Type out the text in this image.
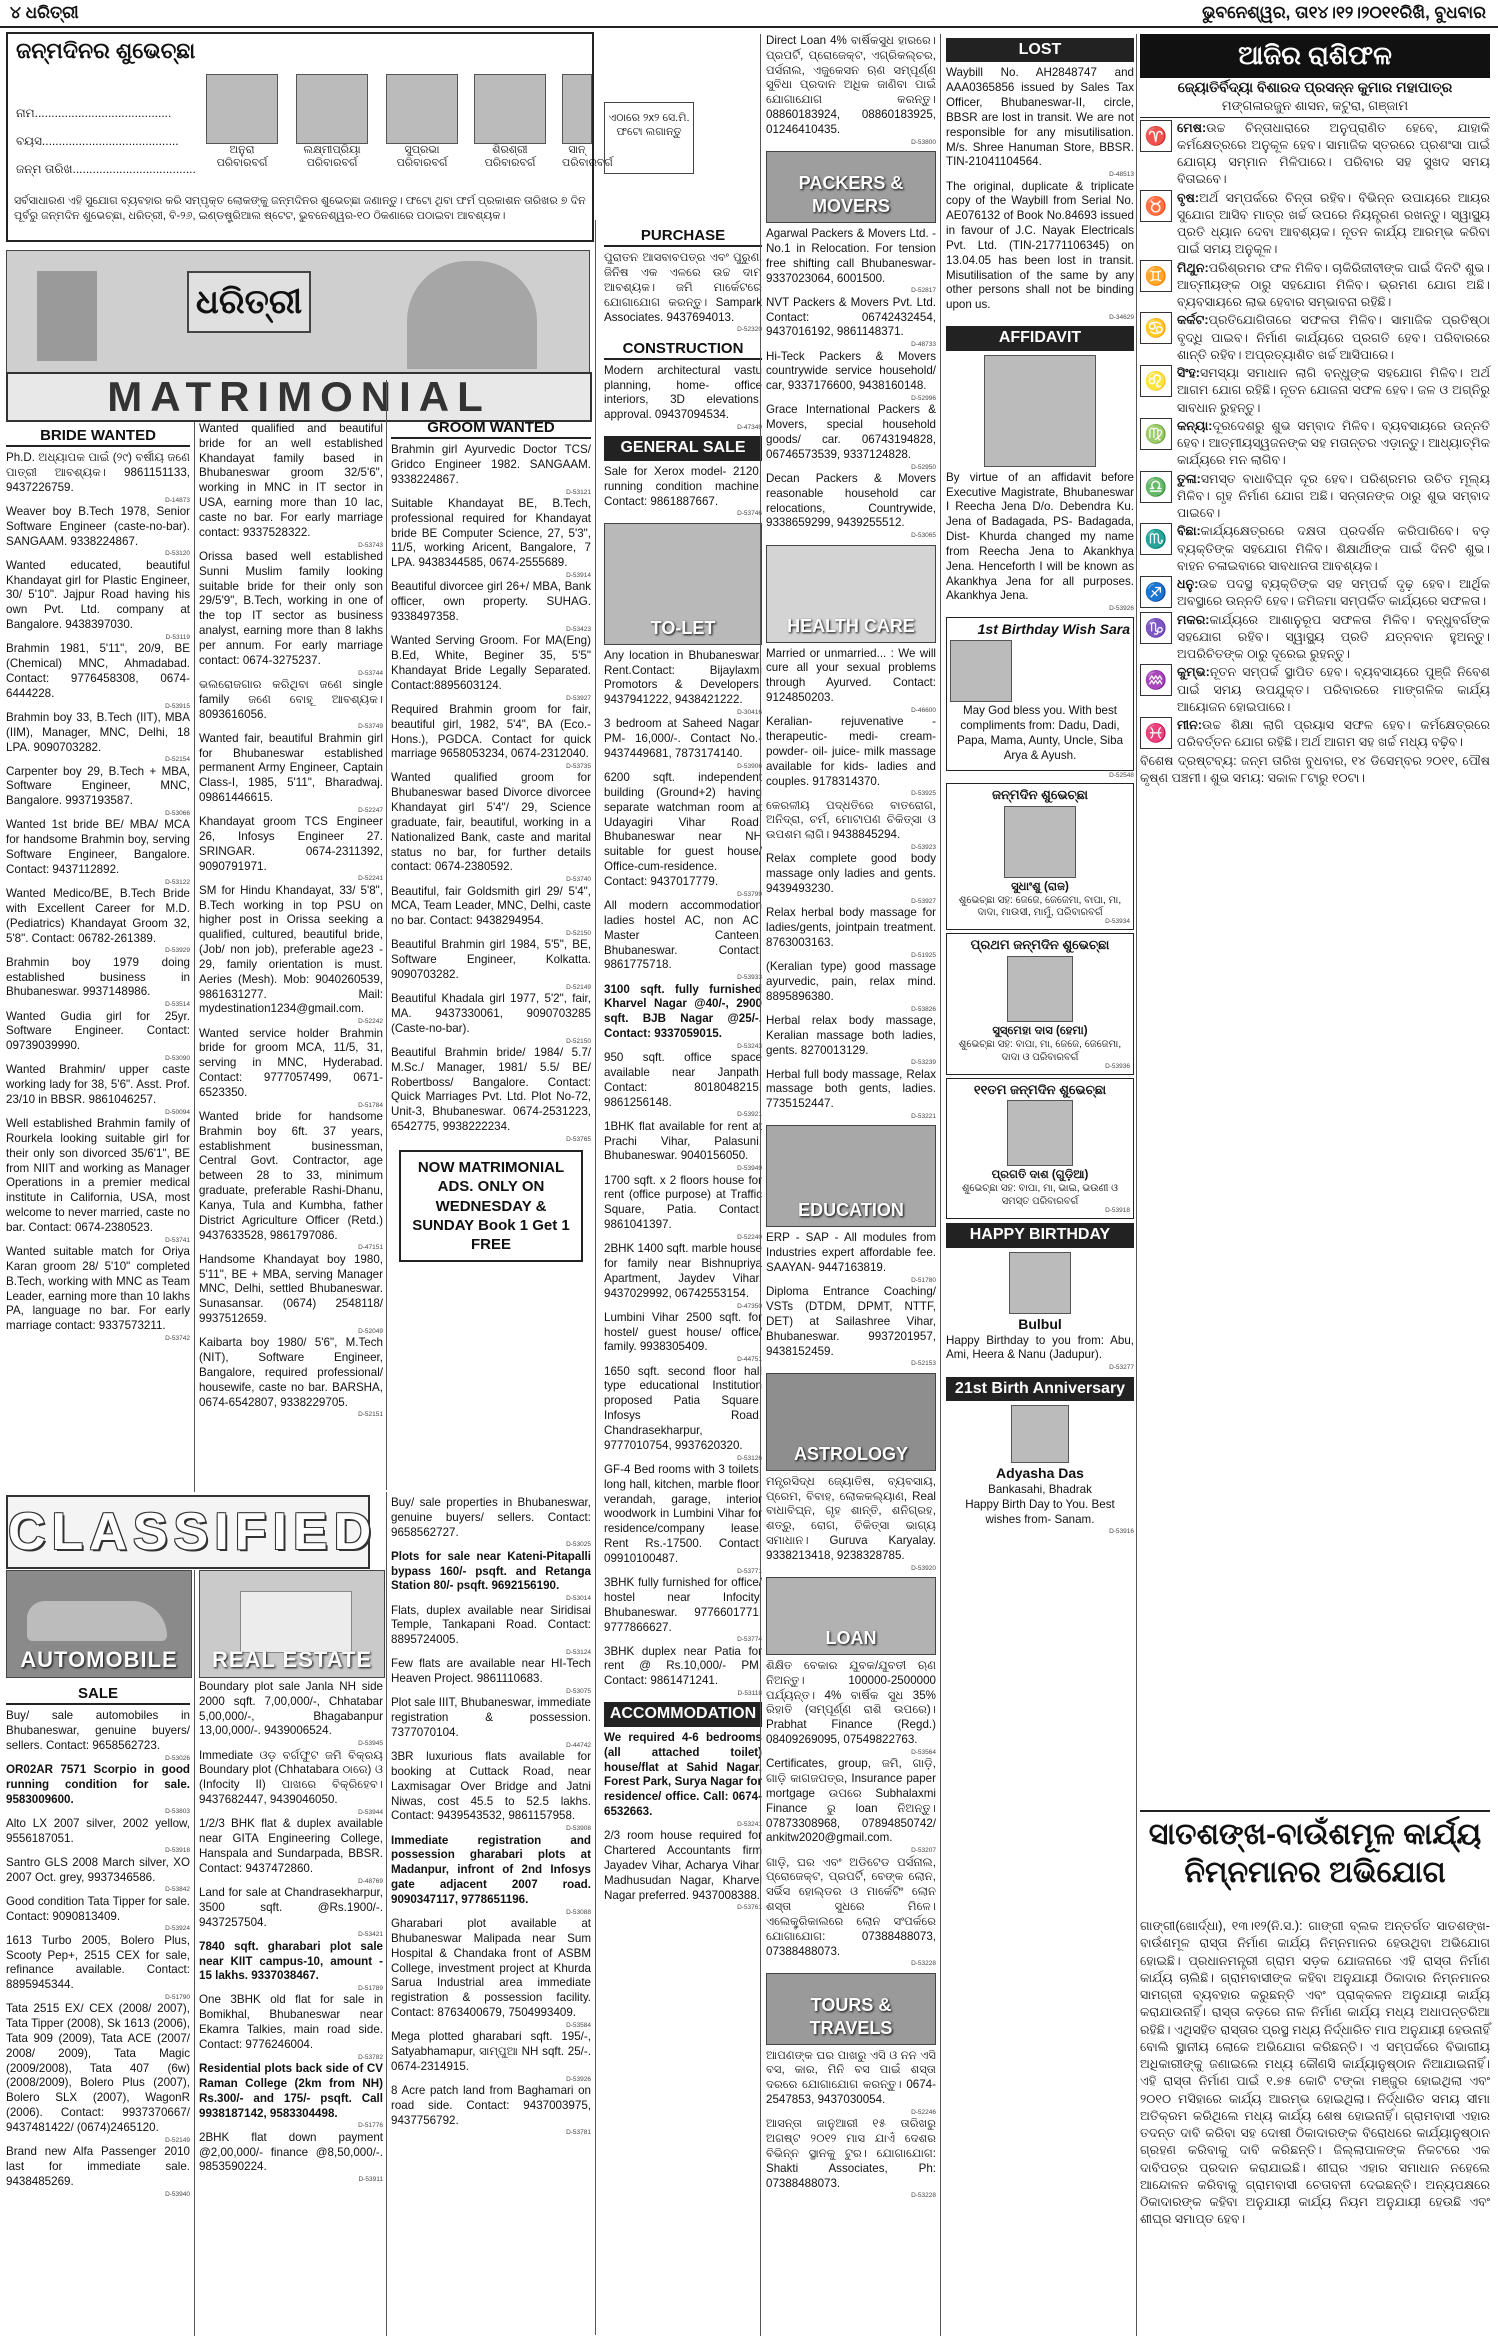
୪ ଧରିତ୍ରୀ	ଭୁବନେଶ୍ୱର, ତା୧୪।୧୨।୨୦୧୧ରିଖି, ବୁଧବାର
ଜନ୍ମଦିନର ଶୁଭେଚ୍ଛା
ନାମ.........................................
ବୟସ.........................................
ଜନ୍ମ ତାରିଖ.....................................
ଅନୁରା ପରିବାରବର୍ଗ
ଲକ୍ଷ୍ମୀପ୍ରିୟା ପରିବାରବର୍ଗ
ସୁପ୍ରଭା ପରିବାରବର୍ଗ
ଶିରଶ୍ରୀ ପରିବାରବର୍ଗ
ସାନ୍ ପରିବାରବର୍ଗ
ସର୍ବସାଧାରଣ ଏହି ସୁଯୋଗ ବ୍ୟବହାର କରି ସମ୍ପୃକ୍ତ ଲୋକଙ୍କୁ ଜନ୍ମଦିନର ଶୁଭେଚ୍ଛା ଜଣାନ୍ତୁ। ଫଟୋ ଥିବା ଫର୍ମ ପ୍ରକାଶନ ତାରିଖର ୭ ଦିନ ପୂର୍ବରୁ ଜନ୍ମଦିନ ଶୁଭେଚ୍ଛା, ଧରିତ୍ରୀ, ବି-୨୬, ଇଣ୍ଡଷ୍ଟ୍ରିଆଲ ଷ୍ଟେଟ, ଭୁବନେଶ୍ୱର-୧୦ ଠିକଣାରେ ପଠାଇବା ଆବଶ୍ୟକ।
ଏଠାରେ ୨x୨ ସେ.ମି. ଫଟୋ ଲଗାନ୍ତୁ
ଧରିତ୍ରୀ
MATRIMONIAL
BRIDE WANTED
Ph.D. ଅଧ୍ୟାପକ ପାଇଁ (୨୯) ବର୍ଷୀୟ ଜଣେ ପାତ୍ରୀ ଆବଶ୍ୟକ। 9861151133, 9437226759.
D-14873
Weaver boy B.Tech 1978, Senior Software Engineer (caste-no-bar). SANGAAM. 9338224867.
D-53120
Wanted educated, beautiful Khandayat girl for Plastic Engineer, 30/ 5'10". Jajpur Road having his own Pvt. Ltd. company at Bangalore. 9438397030.
D-53119
Brahmin 1981, 5'11", 20/9, BE (Chemical) MNC, Ahmadabad. Contact: 9776458308, 0674-6444228.
D-53915
Brahmin boy 33, B.Tech (IIT), MBA (IIM), Manager, MNC, Delhi, 18 LPA. 9090703282.
D-52154
Carpenter boy 29, B.Tech + MBA, Software Engineer, MNC, Bangalore. 9937193587.
D-53066
Wanted 1st bride BE/ MBA/ MCA for handsome Brahmin boy, serving Software Engineer, Bangalore. Contact: 9437112892.
D-53122
Wanted Medico/BE, B.Tech Bride with Excellent Career for M.D. (Pediatrics) Khandayat Groom 32, 5'8". Contact: 06782-261389.
D-53929
Brahmin boy 1979 doing established business in Bhubaneswar. 9937148986.
D-53514
Wanted Gudia girl for 25yr. Software Engineer. Contact: 09739039990.
D-53090
Wanted Brahmin/ upper caste working lady for 38, 5'6". Asst. Prof. 23/10 in BBSR. 9861046257.
D-50094
Well established Brahmin family of Rourkela looking suitable girl for their only son divorced 35/6'1", BE from NIIT and working as Manager Operations in a premier medical institute in California, USA, most welcome to never married, caste no bar. Contact: 0674-2380523.
D-53741
Wanted suitable match for Oriya Karan groom 28/ 5'10" completed B.Tech, working with MNC as Team Leader, earning more than 10 lakhs PA, language no bar. For early marriage contact: 9337573211.
D-53742
Wanted qualified and beautiful bride for an well established Khandayat family based in Bhubaneswar groom 32/5'6", working in MNC in IT sector in USA, earning more than 10 lac, caste no bar. For early marriage contact: 9337528322.
D-53743
Orissa based well established Sunni Muslim family looking suitable bride for their only son 29/5'9", B.Tech, working in one of the top IT sector as business analyst, earning more than 8 lakhs per annum. For early marriage contact: 0674-3275237.
D-53744
ଭଲରୋଜଗାର କରିଥିବା ଜଣେ single family ଜଣେ ବୋହୂ ଆବଶ୍ୟକ। 8093616056.
D-53749
Wanted fair, beautiful Brahmin girl for Bhubaneswar established permanent Army Engineer, Captain Class-I, 1985, 5'11", Bharadwaj. 09861446615.
D-52247
Khandayat groom TCS Engineer 26, Infosys Engineer 27. SRINGAR. 0674-2311392, 9090791971.
D-52241
SM for Hindu Khandayat, 33/ 5'8", B.Tech working in top PSU on higher post in Orissa seeking a qualified, cultured, beautiful bride, (Job/ non job), preferable age23 - 29, family orientation is must. Aeries (Mesh). Mob: 9040260539, 9861631277. Mail: mydestination1234@gmail.com.
D-52242
Wanted service holder Brahmin bride for groom MCA, 11/5, 31, serving in MNC, Hyderabad. Contact: 9777057499, 0671-6523350.
D-51784
Wanted bride for handsome Brahmin boy 6ft. 37 years, establishment businessman, Central Govt. Contractor, age between 28 to 33, minimum graduate, preferable Rashi-Dhanu, Kanya, Tula and Kumbha, father District Agriculture Officer (Retd.) 9437633528, 9861797086.
D-47151
Handsome Khandayat boy 1980, 5'11", BE + MBA, serving Manager MNC, Delhi, settled Bhubaneswar. Sunasansar. (0674) 2548118/ 9937512659.
D-52049
Kaibarta boy 1980/ 5'6", M.Tech (NIT), Software Engineer, Bangalore, required professional/ housewife, caste no bar. BARSHA, 0674-6542807, 9338229705.
D-52151
GROOM WANTED
Brahmin girl Ayurvedic Doctor TCS/ Gridco Engineer 1982. SANGAAM. 9338224867.
D-53121
Suitable Khandayat BE, B.Tech, professional required for Khandayat bride BE Computer Science, 27, 5'3", 11/5, working Aricent, Bangalore, 7 LPA. 9438344585, 0674-2555689.
D-53914
Beautiful divorcee girl 26+/ MBA, Bank officer, own property. SUHAG. 9338497358.
D-53423
Wanted Serving Groom. For MA(Eng) B.Ed, White, Beginer 35, 5'5" Khandayat Bride Legally Separated. Contact:8895603124.
D-53927
Required Brahmin groom for fair, beautiful girl, 1982, 5'4", BA (Eco.- Hons.), PGDCA. Contact for quick marriage 9658053234, 0674-2312040.
D-53735
Wanted qualified groom for Bhubaneswar based Divorce divorcee Khandayat girl 5'4"/ 29, Science graduate, fair, beautiful, working in a Nationalized Bank, caste and marital status no bar, for further details contact: 0674-2380592.
D-53740
Beautiful, fair Goldsmith girl 29/ 5'4", MCA, Team Leader, MNC, Delhi, caste no bar. Contact: 9438294954.
D-52150
Beautiful Brahmin girl 1984, 5'5", BE, Software Engineer, Kolkatta. 9090703282.
D-52149
Beautiful Khadala girl 1977, 5'2", fair, MA. 9437330061, 9090703285 (Caste-no-bar).
D-52150
Beautiful Brahmin bride/ 1984/ 5.7/ M.Sc./ Manager, 1981/ 5.5/ BE/ Robertboss/ Bangalore. Contact: Quick Marriages Pvt. Ltd. Plot No-72, Unit-3, Bhubaneswar. 0674-2531223, 6542775, 9938222234.
D-53765
NOW MATRIMONIAL ADS. ONLY ON WEDNESDAY & SUNDAY Book 1 Get 1 FREE
CLASSIFIED
AUTOMOBILE	REAL ESTATE
SALE
Buy/ sale automobiles in Bhubaneswar, genuine buyers/ sellers. Contact: 9658562723.
D-53026
OR02AR 7571 Scorpio in good running condition for sale. 9583009600.
D-53803
Alto LX 2007 silver, 2002 yellow, 9556187051.
D-53918
Santro GLS 2008 March silver, XO 2007 Oct. grey, 9937346586.
D-53842
Good condition Tata Tipper for sale. Contact: 9090813409.
D-53924
1613 Turbo 2005, Bolero Plus, Scooty Pep+, 2515 CEX for sale, refinance available. Contact: 8895945344.
D-51790
Tata 2515 EX/ CEX (2008/ 2007), Tata Tipper (2008), Sk 1613 (2006), Tata 909 (2009), Tata ACE (2007/ 2008/ 2009), Tata Magic (2009/2008), Tata 407 (6w) (2008/2009), Bolero Plus (2007), Bolero SLX (2007), WagonR (2006). Contact: 9937370667/ 9437481422/ (0674)2465120.
D-52149
Brand new Alfa Passenger 2010 last for immediate sale. 9438485269.
D-53940
Boundary plot sale Janla NH side 2000 sqft. 7,00,000/-, Chhatabar 5,00,000/-, Bhagabanpur 13,00,000/-. 9439006524.
D-53945
Immediate ଓଡ଼ ବର୍ଗଫୁଟ ଜମି ବିକ୍ରୟ Boundary plot (Chhatabara ଠାରେ) ଓ (Infocity II) ପାଖରେ ବିକ୍ରିହେବ। 9437682447, 9439046050.
D-53944
1/2/3 BHK flat & duplex available near GITA Engineering College, Hanspala and Sundarpada, BBSR. Contact: 9437472860.
D-48769
Land for sale at Chandrasekharpur, 3500 sqft. @Rs.1900/-. 9437257504.
D-53421
7840 sqft. gharabari plot sale near KIIT campus-10, amount - 15 lakhs. 9337038467.
D-51789
One 3BHK old flat for sale in Bomikhal, Bhubaneswar near Ekamra Talkies, main road side. Contact: 9776246004.
D-53782
Residential plots back side of CV Raman College (2km from NH) Rs.300/- and 175/- psqft. Call 9938187142, 9583304498.
D-51776
2BHK flat down payment @2,00,000/- finance @8,50,000/-. 9853590224.
D-53911
PURCHASE
ପୁରାତନ ଆସବାବପତ୍ର ଏବଂ ପୁରୁଣା ଜିନିଷ ଏକ ଏଳରେ ଉଚ୍ଚ ଦାମ ଆବଶ୍ୟକ। ଜମି ମାର୍କେଟରେ ଯୋଗାଯୋଗ କରନ୍ତୁ। Sampark Associates. 9437694013.
D-52320
CONSTRUCTION
Modern architectural vastu planning, home- office interiors, 3D elevations, approval. 09437094534.
D-47349
GENERAL SALE
Sale for Xerox model- 2120, running condition machine. Contact: 9861887667.
D-53746
TO-LET
Any location in Bhubaneswar, Rent.Contact: Bijaylaxmi Promotors & Developers. 9437941222, 9438421222.
D-30416
3 bedroom at Saheed Nagar, PM- 16,000/-. Contact No.- 9437449681, 7873174140.
D-53906
6200 sqft. independent building (Ground+2) having separate watchman room at Udayagiri Vihar Road, Bhubaneswar near NH suitable for guest house/ Office-cum-residence. Contact: 9437017779.
D-53799
All modern accommodation ladies hostel AC, non AC, Master Canteen, Bhubaneswar. Contact: 9861775718.
D-53933
3100 sqft. fully furnished Kharvel Nagar @40/-, 2900 sqft. BJB Nagar @25/-. Contact: 9337059015.
D-53243
950 sqft. office space available near Janpath. Contact: 8018048215, 9861256148.
D-53921
1BHK flat available for rent at Prachi Vihar, Palasuni, Bhubaneswar. 9040156050.
D-53949
1700 sqft. x 2 floors house for rent (office purpose) at Traffic Square, Patia. Contact: 9861041397.
D-52240
2BHK 1400 sqft. marble house for family near Bishnupriya Apartment, Jaydev Vihar. 9437029992, 06742553154.
D-47350
Lumbini Vihar 2500 sqft. for hostel/ guest house/ office/ family. 9938305409.
D-44751
1650 sqft. second floor hall type educational Institution proposed Patia Square, Infosys Road, Chandrasekharpur, 9777010754, 9937620320.
D-53126
GF-4 Bed rooms with 3 toilets, long hall, kitchen, marble floor, verandah, garage, interior woodwork in Lumbini Vihar for residence/company lease. Rent Rs.-17500. Contact: 09910100487.
D-53771
3BHK fully furnished for office/ hostel near Infocity, Bhubaneswar. 9776601771, 9777866627.
D-53774
3BHK duplex near Patia for rent @ Rs.10,000/- PM. Contact: 9861471241.
D-53118
ACCOMMODATION
We required 4-6 bedrooms (all attached toilet) house/flat at Sahid Nagar, Forest Park, Surya Nagar for residence/ office. Call: 0674-6532663.
D-53241
2/3 room house required for Chartered Accountants firm Jayadev Vihar, Acharya Vihar, Madhusudan Nagar, Kharvel Nagar preferred. 9437008388.
D-53761
Buy/ sale properties in Bhubaneswar, genuine buyers/ sellers. Contact: 9658562727.
D-53025
Plots for sale near Kateni-Pitapalli bypass 160/- psqft. and Retanga Station 80/- psqft. 9692156190.
D-53014
Flats, duplex available near Siridisai Temple, Tankapani Road. Contact: 8895724005.
D-53124
Few flats are available near HI-Tech Heaven Project. 9861110683.
D-53075
Plot sale IIIT, Bhubaneswar, immediate registration & possession. 7377070104.
D-44742
3BR luxurious flats available for booking at Cuttack Road, near Laxmisagar Over Bridge and Jatni Niwas, cost 45.5 to 52.5 lakhs. Contact: 9439543532, 9861157958.
D-53908
Immediate registration and possession gharabari plots at Madanpur, infront of 2nd Infosys gate adjacent 2007 road. 9090347117, 9778651196.
D-53088
Gharabari plot available at Bhubaneswar Malipada near Sum Hospital & Chandaka front of ASBM College, investment project at Khurda Sarua Industrial area immediate registration & possession facility. Contact: 8763400679, 7504993409.
D-53584
Mega plotted gharabari sqft. 195/-, Satyabhamapur, ସାମ୍ପୁଆ NH sqft. 25/-. 0674-2314915.
D-53926
8 Acre patch land from Baghamari on road side. Contact: 9437003975, 9437756792.
D-53781
Direct Loan 4% ବାର୍ଷିକସୁଧ ହାରରେ। ପ୍ରପର୍ଟି, ପ୍ରୋଜେକ୍ଟ, ଏଗ୍ରିକଲ୍ଚର, ପର୍ସନାଲ, ଏଜୁକେସନ ଋଣ ସମ୍ପୂର୍ଣ୍ଣ ସୁବିଧା ପ୍ରଦାନ ଅଧିକ ଜାଣିବା ପାଇଁ ଯୋଗାଯୋଗ କରନ୍ତୁ। 08860183924, 08860183925, 01246410435.
D-53800
PACKERS & MOVERS
Agarwal Packers & Movers Ltd. - No.1 in Relocation. For tension free shifting call Bhubaneswar- 9337023064, 6001500.
D-52817
NVT Packers & Movers Pvt. Ltd. Contact: 06742432454, 9437016192, 9861148371.
D-48733
Hi-Teck Packers & Movers countrywide service household/ car, 9337176600, 9438160148.
D-52996
Grace International Packers & Movers, special household goods/ car. 06743194828, 06746573539, 9337124828.
D-52950
Decan Packers & Movers reasonable household car relocations, Countrywide, 9338659299, 9439255512.
D-53065
HEALTH CARE
Married or unmarried... : We will cure all your sexual problems through Ayurved. Contact: 9124850203.
D-46600
Keralian- rejuvenative - therapeutic- medi- cream- powder- oil- juice- milk massage available for kids- ladies and couples. 9178314370.
D-53925
କେରଳୀୟ ପଦ୍ଧତିରେ ବାତରୋଗ, ଅନିଦ୍ରା, ଚର୍ମ, ମୋଟାପଣ ଚିକିତ୍ସା ଓ ଉପଶମ ଲାଗି। 9438845294.
D-53923
Relax complete good body massage only ladies and gents. 9439493230.
D-53927
Relax herbal body massage for ladies/gents, jointpain treatment. 8763003163.
D-51925
(Keralian type) good massage ayurvedic, pain, relax mind. 8895896380.
D-53826
Herbal relax body massage, Keralian massage both ladies, gents. 8270013129.
D-53239
Herbal full body massage, Relax massage both gents, ladies. 7735152447.
D-53221
EDUCATION
ERP - SAP - All modules from Industries expert affordable fee. SAAYAN- 9447163819.
D-51780
Diploma Entrance Coaching/ VSTs (DTDM, DPMT, NTTF, DET) at Sailashree Vihar, Bhubaneswar. 9937201957, 9438152459.
D-52153
ASTROLOGY
ମନ୍ତ୍ରସିଦ୍ଧ ଜ୍ୟୋତିଷ, ବ୍ୟବସାୟ, ପ୍ରେମ, ବିବାହ, ଲୋକକଲ୍ୟାଣ, Real ବାଧାବିଘ୍ନ, ଗୃହ ଶାନ୍ତି, ଶନିଗ୍ରହ, ଶତ୍ରୁ, ରୋଗ, ଚିକିତ୍ସା ଭାଗ୍ୟ ସମାଧାନ। Guruva Karyalay. 9338213418, 9238328785.
D-53920
LOAN
ଶିକ୍ଷିତ ବେକାର ଯୁବକ/ଯୁବତୀ ଋଣ ନିଅନ୍ତୁ। 100000-2500000 ପର୍ଯ୍ୟନ୍ତ। 4% ବାର୍ଷିକ ସୁଧ 35% ରିହାତି (ସମ୍ପୂର୍ଣ୍ଣ ରାଶି ଉପରେ)। Prabhat Finance (Regd.) 08409269095, 07549822763.
D-53564
Certificates, group, ଜମି, ଗାଡ଼ି, ଗାଡ଼ି କାଗଜପତ୍ର, Insurance paper mortgage ଉପରେ Subhalaxmi Finance ରୁ loan ନିଅନ୍ତୁ। 07873308968, 07894850742/ ankitw2020@gmail.com.
D-53207
ଗାଡ଼ି, ଘର ଏବଂ ଅଡିଟେଡ ପର୍ସନାଲ, ପ୍ରୋଜେକ୍ଟ, ପ୍ରପର୍ଟି, ବେଙ୍କ ଲୋନ, ସର୍ଭିସ ହୋଲ୍ଡର ଓ ମାର୍କେଟିଂ ଲୋନ ଶସ୍ତା ସୁଧରେ ମିଳେ। ଏଲେକ୍ଟ୍ରିକାଲରେ ଲୋନ ସଂପର୍କରେ ଯୋଗାଯୋଗ: 07388488073, 07388488073.
D-53228
TOURS & TRAVELS
ଆପଣଙ୍କ ଘର ପାଖରୁ ଏସି ଓ ନନ ଏସି ବସ, କାର, ମିନି ବସ ପାଇଁ ଶସ୍ତା ଦରରେ ଯୋଗାଯୋଗ କରନ୍ତୁ। 0674-2547853, 9437030054.
D-52246
ଆସନ୍ତା ଜାନୁଆରୀ ୧୫ ତାରିଖରୁ ଅଗଷ୍ଟ ୨୦୧୨ ମାସ ଯାଏଁ ଦେଶର ବିଭିନ୍ନ ସ୍ଥାନକୁ ଟୁର। ଯୋଗାଯୋଗ: Shakti Associates, Ph: 07388488073.
D-53228
LOST
Waybill No. AH2848747 and AAA0365856 issued by Sales Tax Officer, Bhubaneswar-II, circle, BBSR are lost in transit. We are not responsible for any misutilisation. M/s. Shree Hanuman Store, BBSR. TIN-21041104564.
D-48513
The original, duplicate & triplicate copy of the Waybill from Serial No. AE076132 of Book No.84693 issued in favour of J.C. Nayak Electricals Pvt. Ltd. (TIN-21771106345) on 13.04.05 has been lost in transit. Misutilisation of the same by any other persons shall not be binding upon us.
D-34629
AFFIDAVIT
By virtue of an affidavit before Executive Magistrate, Bhubaneswar I Reecha Jena D/o. Debendra Ku. Jena of Badagada, PS- Badagada, Dist- Khurda changed my name from Reecha Jena to Akankhya Jena. Henceforth I will be known as Akankhya Jena for all purposes. Akankhya Jena.
D-53926
1st Birthday Wish Sara
May God bless you. With best compliments from: Dadu, Dadi, Papa, Mama, Aunty, Uncle, Siba Arya & Ayush.
D-52548
ଜନ୍ମଦିନ ଶୁଭେଚ୍ଛା
ସୁଧାଂଶୁ (ରାଜ)
ଶୁଭେଚ୍ଛା ସହ: ଜେଜେ, ଜେଜେମା, ବାପା, ମା, ଦାଦା, ମାଉସୀ, ମାମୁଁ, ପରିବାରବର୍ଗ
D-53934
ପ୍ରଥମ ଜନ୍ମଦିନ ଶୁଭେଚ୍ଛା
ସୁସ୍ମେହା ଦାସ (ହେମା)
ଶୁଭେଚ୍ଛା ସହ: ବାପା, ମା, ଜେଜେ, ଜେଜେମା, ଦାଦା ଓ ପରିବାରବର୍ଗ
D-53936
୧୧ତମ ଜନ୍ମଦିନ ଶୁଭେଚ୍ଛା
ପ୍ରଗତି ଦାଶ (ଗୁଡ଼ିଆ)
ଶୁଭେଚ୍ଛା ସହ: ବାପା, ମା, ଭାଇ, ଭଉଣୀ ଓ ସମସ୍ତ ପରିବାରବର୍ଗ
D-53918
HAPPY BIRTHDAY
Bulbul
Happy Birthday to you from: Abu, Ami, Heera & Nanu (Jadupur).
D-53277
21st Birth Anniversary
Adyasha Das
Bankasahi, Bhadrak
Happy Birth Day to You. Best wishes from- Sanam.
D-53916
ଆଜିର ରାଶିଫଳ
ଜ୍ୟୋତିର୍ବିଦ୍ୟା ବିଶାରଦ ପ୍ରସନ୍ନ କୁମାର ମହାପାତ୍ର
ମଙ୍ଗଳାରଜୁନ ଶାସନ, କଟୁରା, ଗଞ୍ଜାମ
♈ ମେଷ:ଉଚ୍ଚ ଚିନ୍ତାଧାରାରେ ଅନୁପ୍ରାଣିତ ହେବେ, ଯାହାକି କର୍ମକ୍ଷେତ୍ରରେ ଅନୁକୂଳ ହେବ। ସାମାଜିକ ସ୍ତରରେ ପ୍ରଶଂସା ପାଇଁ ଯୋଗ୍ୟ ସମ୍ମାନ ମିଳିପାରେ। ପରିବାର ସହ ସୁଖଦ ସମୟ ବିତାଇବେ।
♉ ବୃଷ:ଅର୍ଥ ସମ୍ପର୍କରେ ଚିନ୍ତା ରହିବ। ବିଭିନ୍ନ ଉପାୟରେ ଆୟର ସୁଯୋଗ ଆସିବ ମାତ୍ର ଖର୍ଚ୍ଚ ଉପରେ ନିୟନ୍ତ୍ରଣ ରଖନ୍ତୁ। ସ୍ୱାସ୍ଥ୍ୟ ପ୍ରତି ଧ୍ୟାନ ଦେବା ଆବଶ୍ୟକ। ନୂତନ କାର୍ଯ୍ୟ ଆରମ୍ଭ କରିବା ପାଇଁ ସମୟ ଅନୁକୂଳ।
♊ ମିଥୁନ:ପରିଶ୍ରମର ଫଳ ମିଳିବ। ଚାକିରିଜୀବୀଙ୍କ ପାଇଁ ଦିନଟି ଶୁଭ। ଆତ୍ମୀୟଙ୍କ ଠାରୁ ସହଯୋଗ ମିଳିବ। ଭ୍ରମଣ ଯୋଗ ଅଛି। ବ୍ୟବସାୟରେ ଲାଭ ହେବାର ସମ୍ଭାବନା ରହିଛି।
♋ କର୍କଟ:ପ୍ରତିଯୋଗିତାରେ ସଫଳତା ମିଳିବ। ସାମାଜିକ ପ୍ରତିଷ୍ଠା ବୃଦ୍ଧି ପାଇବ। ନିର୍ମାଣ କାର୍ଯ୍ୟରେ ପ୍ରଗତି ହେବ। ପରିବାରରେ ଶାନ୍ତି ରହିବ। ଅପ୍ରତ୍ୟାଶିତ ଖର୍ଚ୍ଚ ଆସିପାରେ।
♌ ସିଂହ:ସମସ୍ୟା ସମାଧାନ ଲାଗି ବନ୍ଧୁଙ୍କ ସହଯୋଗ ମିଳିବ। ଅର୍ଥ ଆଗମ ଯୋଗ ରହିଛି। ନୂତନ ଯୋଜନା ସଫଳ ହେବ। ଜଳ ଓ ଅଗ୍ନିରୁ ସାବଧାନ ରୁହନ୍ତୁ।
♍ କନ୍ୟା:ଦୂରଦେଶରୁ ଶୁଭ ସମ୍ବାଦ ମିଳିବ। ବ୍ୟବସାୟରେ ଉନ୍ନତି ହେବ। ଆତ୍ମୀୟସ୍ୱଜନଙ୍କ ସହ ମତାନ୍ତର ଏଡ଼ାନ୍ତୁ। ଆଧ୍ୟାତ୍ମିକ କାର୍ଯ୍ୟରେ ମନ ଲାଗିବ।
♎ ତୁଳା:ସମସ୍ତ ବାଧାବିଘ୍ନ ଦୂର ହେବ। ପରିଶ୍ରମର ଉଚିତ ମୂଲ୍ୟ ମିଳିବ। ଗୃହ ନିର୍ମାଣ ଯୋଗ ଅଛି। ସନ୍ତାନଙ୍କ ଠାରୁ ଶୁଭ ସମ୍ବାଦ ପାଇବେ।
♏ ବିଛା:କାର୍ଯ୍ୟକ୍ଷେତ୍ରରେ ଦକ୍ଷତା ପ୍ରଦର୍ଶନ କରିପାରିବେ। ବଡ଼ ବ୍ୟକ୍ତିଙ୍କ ସହଯୋଗ ମିଳିବ। ଶିକ୍ଷାର୍ଥୀଙ୍କ ପାଇଁ ଦିନଟି ଶୁଭ। ବାହନ ଚଳାଇବାରେ ସାବଧାନତା ଆବଶ୍ୟକ।
♐ ଧନୁ:ଉଚ୍ଚ ପଦସ୍ଥ ବ୍ୟକ୍ତିଙ୍କ ସହ ସମ୍ପର୍କ ଦୃଢ଼ ହେବ। ଆର୍ଥିକ ଅବସ୍ଥାରେ ଉନ୍ନତି ହେବ। ଜମିଜମା ସମ୍ପର୍କିତ କାର୍ଯ୍ୟରେ ସଫଳତା।
♑ ମକର:କାର୍ଯ୍ୟରେ ଆଶାନୁରୂପ ସଫଳତା ମିଳିବ। ବନ୍ଧୁବର୍ଗଙ୍କ ସହଯୋଗ ରହିବ। ସ୍ୱାସ୍ଥ୍ୟ ପ୍ରତି ଯତ୍ନବାନ ହୁଅନ୍ତୁ। ଅପରିଚିତଙ୍କ ଠାରୁ ଦୂରେଇ ରୁହନ୍ତୁ।
♒ କୁମ୍ଭ:ନୂତନ ସମ୍ପର୍କ ସ୍ଥାପିତ ହେବ। ବ୍ୟବସାୟରେ ପୁଞ୍ଜି ନିବେଶ ପାଇଁ ସମୟ ଉପଯୁକ୍ତ। ପରିବାରରେ ମାଙ୍ଗଳିକ କାର୍ଯ୍ୟ ଆୟୋଜନ ହୋଇପାରେ।
♓ ମୀନ:ଉଚ୍ଚ ଶିକ୍ଷା ଲାଗି ପ୍ରୟାସ ସଫଳ ହେବ। କର୍ମକ୍ଷେତ୍ରରେ ପରିବର୍ତ୍ତନ ଯୋଗ ରହିଛି। ଅର୍ଥ ଆଗମ ସହ ଖର୍ଚ୍ଚ ମଧ୍ୟ ବଢ଼ିବ।
ବିଶେଷ ଦ୍ରଷ୍ଟବ୍ୟ: ଜନ୍ମ ତାରିଖ ବୁଧବାର, ୧୪ ଡିସେମ୍ବର ୨୦୧୧, ପୌଷ କୃଷ୍ଣ ପଞ୍ଚମୀ। ଶୁଭ ସମୟ: ସକାଳ ୮ଟାରୁ ୧୦ଟା।
ସାତଶଙ୍ଖ-ବାଉଁଶମୂଳ କାର୍ଯ୍ୟ ନିମ୍ନମାନର ଅଭିଯୋଗ
ଗାଙ୍ଗୀ(ଖୋର୍ଦ୍ଧା), ୧୩।୧୨(ନି.ସ.): ଗାଙ୍ଗୀ ବ୍ଲକ ଅନ୍ତର୍ଗତ ସାତଶଙ୍ଖ-ବାଉଁଶମୂଳ ରାସ୍ତା ନିର୍ମାଣ କାର୍ଯ୍ୟ ନିମ୍ନମାନର ହେଉଥିବା ଅଭିଯୋଗ ହୋଇଛି। ପ୍ରଧାନମନ୍ତ୍ରୀ ଗ୍ରାମ ସଡ଼କ ଯୋଜନାରେ ଏହି ରାସ୍ତା ନିର୍ମାଣ କାର୍ଯ୍ୟ ଚାଲିଛି। ଗ୍ରାମବାସୀଙ୍କ କହିବା ଅନୁଯାୟୀ ଠିକାଦାର ନିମ୍ନମାନର ସାମଗ୍ରୀ ବ୍ୟବହାର କରୁଛନ୍ତି ଏବଂ ପ୍ରାକ୍କଳନ ଅନୁଯାୟୀ କାର୍ଯ୍ୟ କରାଯାଉନାହିଁ। ରାସ୍ତା କଡ଼ରେ ନାଳ ନିର୍ମାଣ କାର୍ଯ୍ୟ ମଧ୍ୟ ଅଧାପନ୍ତରିଆ ରହିଛି। ଏଥିସହିତ ରାସ୍ତାର ପ୍ରସ୍ଥ ମଧ୍ୟ ନିର୍ଦ୍ଧାରିତ ମାପ ଅନୁଯାୟୀ ହେଉନାହିଁ ବୋଲି ସ୍ଥାନୀୟ ଲୋକେ ଅଭିଯୋଗ କରିଛନ୍ତି। ଏ ସମ୍ପର୍କରେ ବିଭାଗୀୟ ଅଧିକାରୀଙ୍କୁ ଜଣାଇଲେ ମଧ୍ୟ କୌଣସି କାର୍ଯ୍ୟାନୁଷ୍ଠାନ ନିଆଯାଇନାହିଁ। ଏହି ରାସ୍ତା ନିର୍ମାଣ ପାଇଁ ୧.୭୫ କୋଟି ଟଙ୍କା ମଞ୍ଜୁର ହୋଇଥିଲା ଏବଂ ୨୦୧୦ ମସିହାରେ କାର୍ଯ୍ୟ ଆରମ୍ଭ ହୋଇଥିଲା। ନିର୍ଦ୍ଧାରିତ ସମୟ ସୀମା ଅତିକ୍ରମ କରିଥିଲେ ମଧ୍ୟ କାର୍ଯ୍ୟ ଶେଷ ହୋଇନାହିଁ। ଗ୍ରାମବାସୀ ଏହାର ତଦନ୍ତ ଦାବି କରିବା ସହ ଦୋଷୀ ଠିକାଦାରଙ୍କ ବିରୋଧରେ କାର୍ଯ୍ୟାନୁଷ୍ଠାନ ଗ୍ରହଣ କରିବାକୁ ଦାବି କରିଛନ୍ତି। ଜିଲ୍ଲାପାଳଙ୍କ ନିକଟରେ ଏକ ଦାବିପତ୍ର ପ୍ରଦାନ କରାଯାଇଛି। ଶୀଘ୍ର ଏହାର ସମାଧାନ ନହେଲେ ଆନ୍ଦୋଳନ କରିବାକୁ ଗ୍ରାମବାସୀ ଚେତାବନୀ ଦେଇଛନ୍ତି। ଅନ୍ୟପକ୍ଷରେ ଠିକାଦାରଙ୍କ କହିବା ଅନୁଯାୟୀ କାର୍ଯ୍ୟ ନିୟମ ଅନୁଯାୟୀ ହେଉଛି ଏବଂ ଶୀଘ୍ର ସମାପ୍ତ ହେବ।
